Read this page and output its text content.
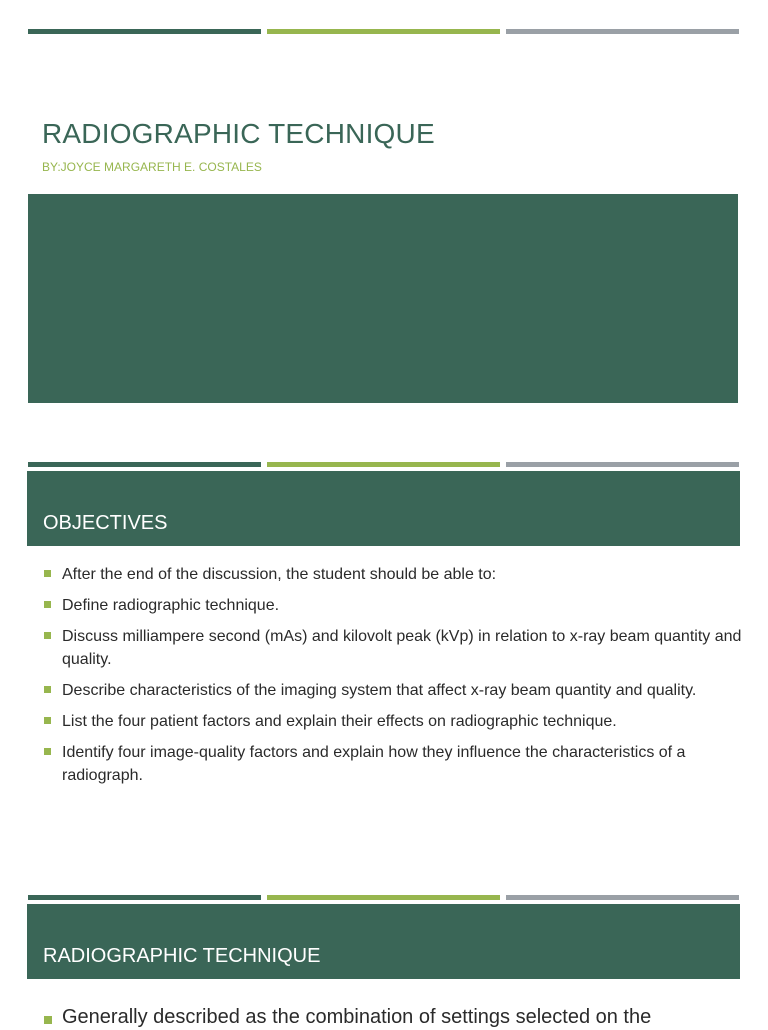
RADIOGRAPHIC TECHNIQUE
BY:JOYCE MARGARETH E. COSTALES
OBJECTIVES
After the end of the discussion, the student should be able to:
Define radiographic technique.
Discuss milliampere second (mAs) and kilovolt peak (kVp) in relation to x-ray beam quantity and quality.
Describe characteristics of the imaging system that affect x-ray beam quantity and quality.
List the four patient factors and explain their effects on radiographic technique.
Identify four image-quality factors and explain how they influence the characteristics of a radiograph.
RADIOGRAPHIC TECHNIQUE
Generally described as the combination of settings selected on the
